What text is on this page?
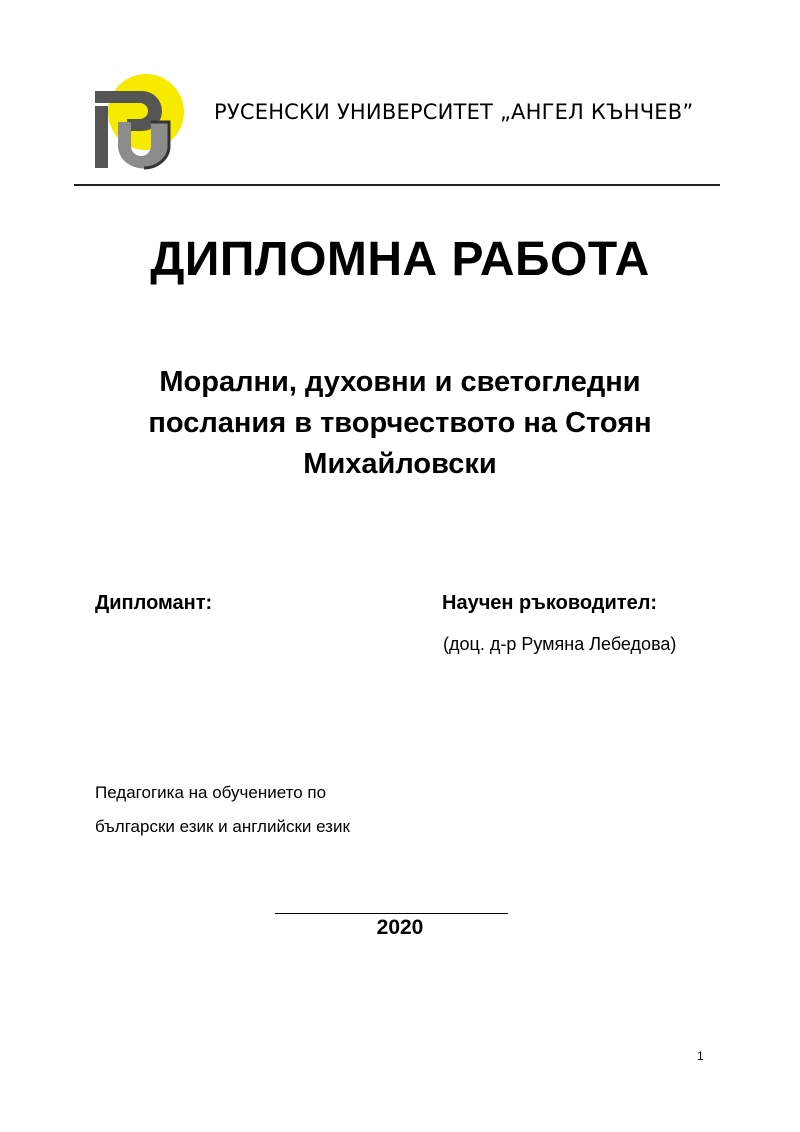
РУСЕНСКИ УНИВЕРСИТЕТ „АНГЕЛ КЪНЧЕВ”
ДИПЛОМНА РАБОТА
Морални, духовни и светогледни
послания в творчеството на Стоян
Михайловски
Дипломант:	Научен ръководител:
(доц. д-р Румяна Лебедова)
Педагогика на обучението по
български език и английски език
2020
1
